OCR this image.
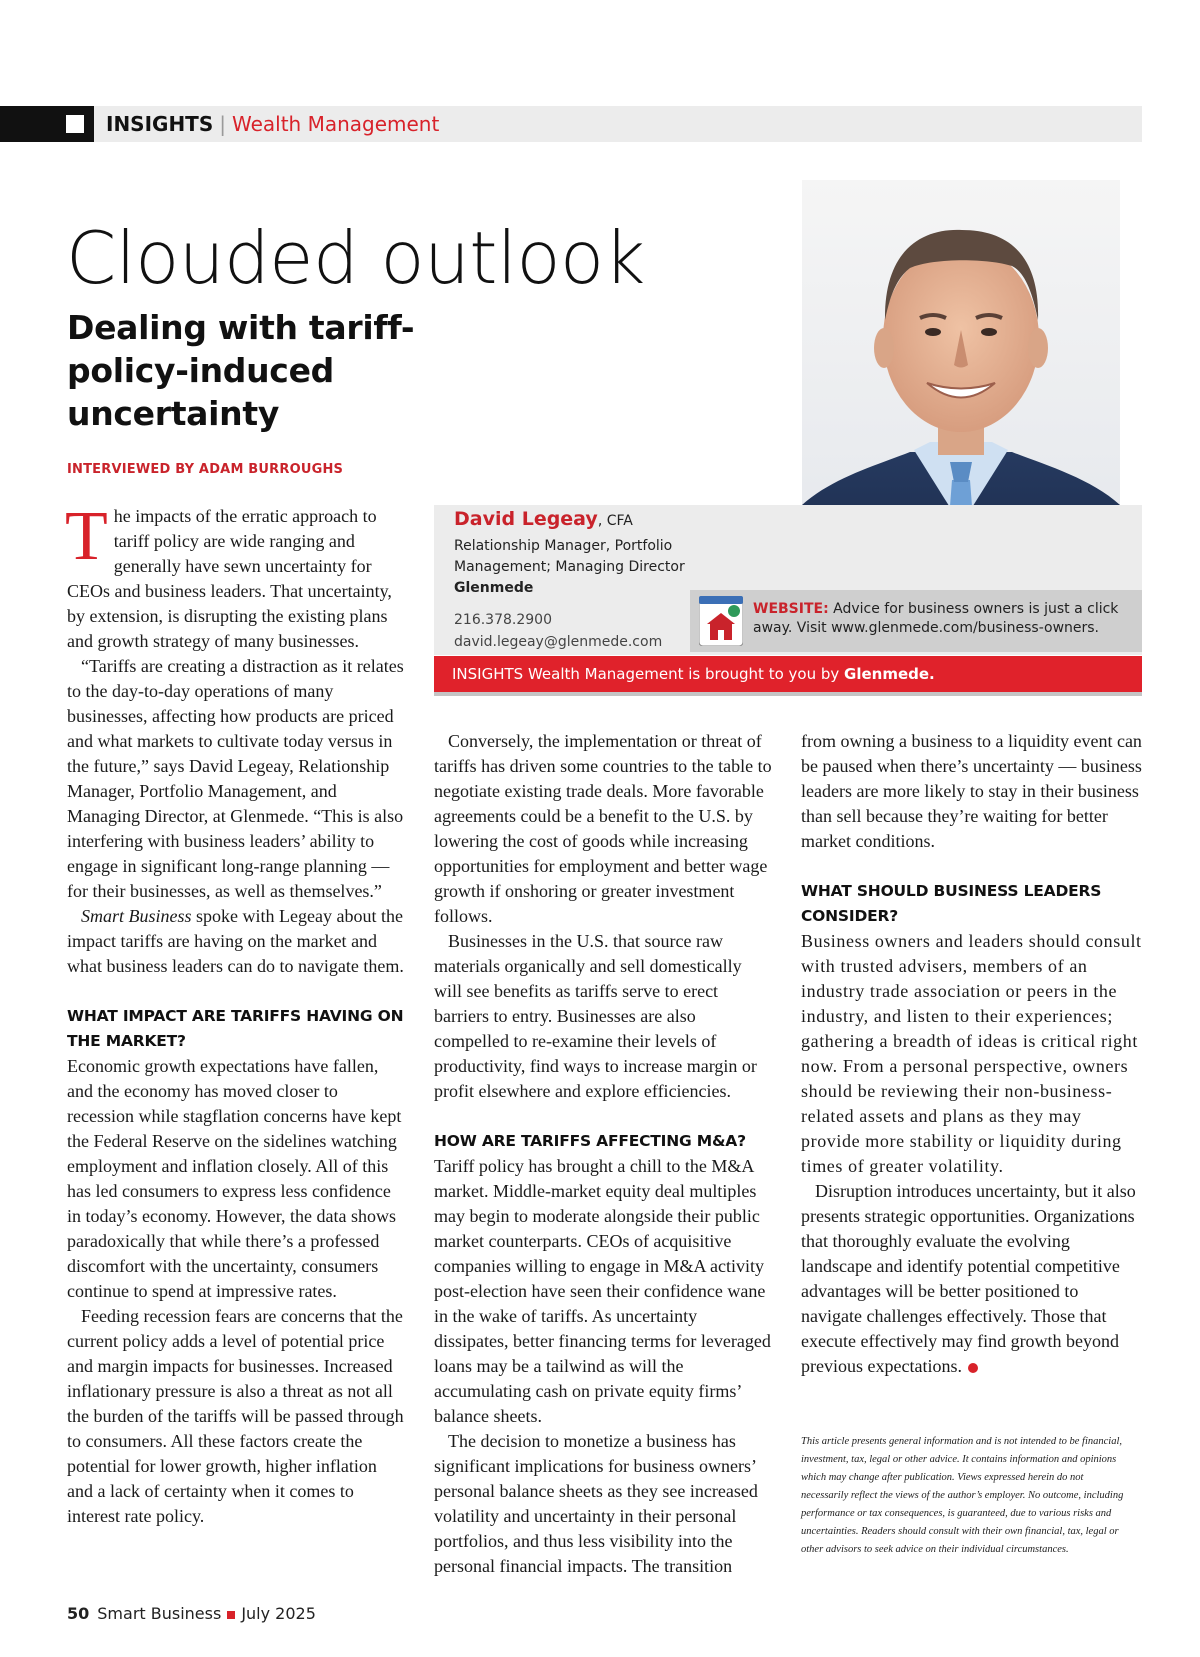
INSIGHTS | Wealth Management
Clouded outlook
Dealing with tariff-policy-induced uncertainty
INTERVIEWED BY ADAM BURROUGHS
David Legeay, CFA
Relationship Manager, Portfolio Management; Managing Director
Glenmede
216.378.2900
david.legeay@glenmede.com
WEBSITE: Advice for business owners is just a click away. Visit www.glenmede.com/business-owners.
INSIGHTS Wealth Management is brought to you by Glenmede.

The impacts of the erratic approach to tariff policy are wide ranging and generally have sewn uncertainty for CEOs and business leaders. That uncertainty, by extension, is disrupting the existing plans and growth strategy of many businesses.

“Tariffs are creating a distraction as it relates to the day-to-day operations of many businesses, affecting how products are priced and what markets to cultivate today versus in the future,” says David Legeay, Relationship Manager, Portfolio Management, and Managing Director, at Glenmede. “This is also interfering with business leaders’ ability to engage in significant long-range planning — for their businesses, as well as themselves.”

Smart Business spoke with Legeay about the impact tariffs are having on the market and what business leaders can do to navigate them.

WHAT IMPACT ARE TARIFFS HAVING ON THE MARKET?

Economic growth expectations have fallen, and the economy has moved closer to recession while stagflation concerns have kept the Federal Reserve on the sidelines watching employment and inflation closely. All of this has led consumers to express less confidence in today’s economy. However, the data shows paradoxically that while there’s a professed discomfort with the uncertainty, consumers continue to spend at impressive rates.

Feeding recession fears are concerns that the current policy adds a level of potential price and margin impacts for businesses. Increased inflationary pressure is also a threat as not all the burden of the tariffs will be passed through to consumers. All these factors create the potential for lower growth, higher inflation and a lack of certainty when it comes to interest rate policy.

Conversely, the implementation or threat of tariffs has driven some countries to the table to negotiate existing trade deals. More favorable agreements could be a benefit to the U.S. by lowering the cost of goods while increasing opportunities for employment and better wage growth if onshoring or greater investment follows.

Businesses in the U.S. that source raw materials organically and sell domestically will see benefits as tariffs serve to erect barriers to entry. Businesses are also compelled to re-examine their levels of productivity, find ways to increase margin or profit elsewhere and explore efficiencies.

HOW ARE TARIFFS AFFECTING M&A?

Tariff policy has brought a chill to the M&A market. Middle-market equity deal multiples may begin to moderate alongside their public market counterparts. CEOs of acquisitive companies willing to engage in M&A activity post-election have seen their confidence wane in the wake of tariffs. As uncertainty dissipates, better financing terms for leveraged loans may be a tailwind as will the accumulating cash on private equity firms’ balance sheets.

The decision to monetize a business has significant implications for business owners’ personal balance sheets as they see increased volatility and uncertainty in their personal portfolios, and thus less visibility into the personal financial impacts. The transition

from owning a business to a liquidity event can be paused when there’s uncertainty — business leaders are more likely to stay in their business than sell because they’re waiting for better market conditions.

WHAT SHOULD BUSINESS LEADERS CONSIDER?

Business owners and leaders should consult with trusted advisers, members of an industry trade association or peers in the industry, and listen to their experiences; gathering a breadth of ideas is critical right now. From a personal perspective, owners should be reviewing their non-business-related assets and plans as they may provide more stability or liquidity during times of greater volatility.

Disruption introduces uncertainty, but it also presents strategic opportunities. Organizations that thoroughly evaluate the evolving landscape and identify potential competitive advantages will be better positioned to navigate challenges effectively. Those that execute effectively may find growth beyond previous expectations.

This article presents general information and is not intended to be financial, investment, tax, legal or other advice. It contains information and opinions which may change after publication. Views expressed herein do not necessarily reflect the views of the author’s employer. No outcome, including performance or tax consequences, is guaranteed, due to various risks and uncertainties. Readers should consult with their own financial, tax, legal or other advisors to seek advice on their individual circumstances.
50 Smart Business July 2025
